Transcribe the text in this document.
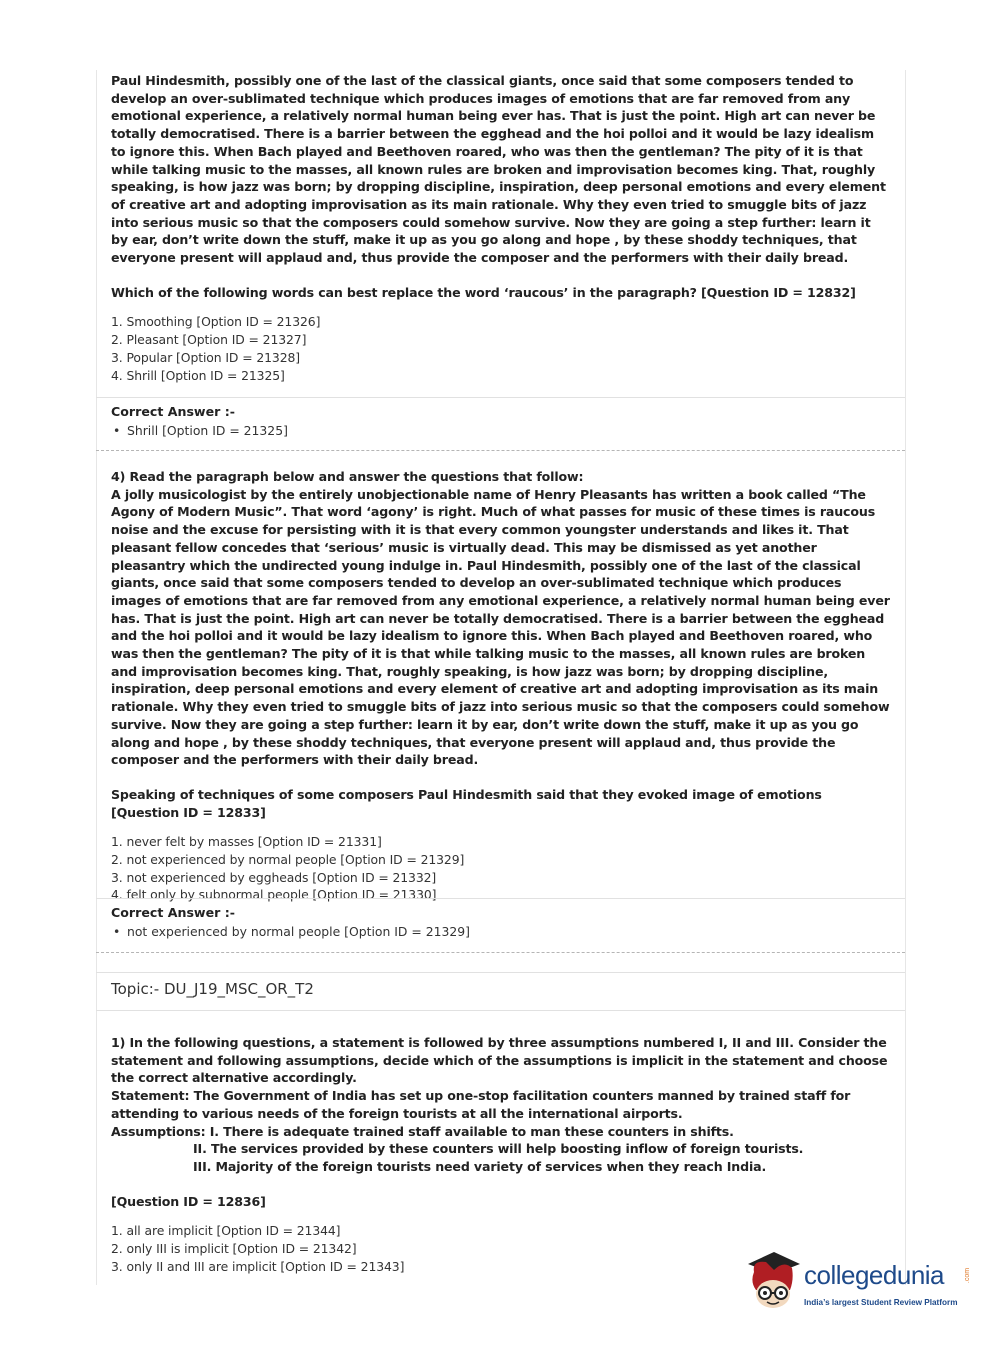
Paul Hindesmith, possibly one of the last of the classical giants, once said that some composers tended to develop an over-sublimated technique which produces images of emotions that are far removed from any emotional experience, a relatively normal human being ever has. That is just the point. High art can never be totally democratised. There is a barrier between the egghead and the hoi polloi and it would be lazy idealism to ignore this. When Bach played and Beethoven roared, who was then the gentleman? The pity of it is that while talking music to the masses, all known rules are broken and improvisation becomes king. That, roughly speaking, is how jazz was born; by dropping discipline, inspiration, deep personal emotions and every element of creative art and adopting improvisation as its main rationale. Why they even tried to smuggle bits of jazz into serious music so that the composers could somehow survive. Now they are going a step further: learn it by ear, don’t write down the stuff, make it up as you go along and hope , by these shoddy techniques, that everyone present will applaud and, thus provide the composer and the performers with their daily bread.

Which of the following words can best replace the word ‘raucous’ in the paragraph? [Question ID = 12832]

1. Smoothing [Option ID = 21326]
2. Pleasant [Option ID = 21327]
3. Popular [Option ID = 21328]
4. Shrill [Option ID = 21325]
Correct Answer :-
• Shrill [Option ID = 21325]

4) Read the paragraph below and answer the questions that follow:

A jolly musicologist by the entirely unobjectionable name of Henry Pleasants has written a book called “The Agony of Modern Music”. That word ‘agony’ is right. Much of what passes for music of these times is raucous noise and the excuse for persisting with it is that every common youngster understands and likes it. That pleasant fellow concedes that ‘serious’ music is virtually dead. This may be dismissed as yet another pleasantry which the undirected young indulge in. Paul Hindesmith, possibly one of the last of the classical giants, once said that some composers tended to develop an over-sublimated technique which produces images of emotions that are far removed from any emotional experience, a relatively normal human being ever has. That is just the point. High art can never be totally democratised. There is a barrier between the egghead and the hoi polloi and it would be lazy idealism to ignore this. When Bach played and Beethoven roared, who was then the gentleman? The pity of it is that while talking music to the masses, all known rules are broken and improvisation becomes king. That, roughly speaking, is how jazz was born; by dropping discipline, inspiration, deep personal emotions and every element of creative art and adopting improvisation as its main rationale. Why they even tried to smuggle bits of jazz into serious music so that the composers could somehow survive. Now they are going a step further: learn it by ear, don’t write down the stuff, make it up as you go along and hope , by these shoddy techniques, that everyone present will applaud and, thus provide the composer and the performers with their daily bread.

Speaking of techniques of some composers Paul Hindesmith said that they evoked image of emotions [Question ID = 12833]

1. never felt by masses [Option ID = 21331]
2. not experienced by normal people [Option ID = 21329]
3. not experienced by eggheads [Option ID = 21332]
4. felt only by subnormal people [Option ID = 21330]
Correct Answer :-
• not experienced by normal people [Option ID = 21329]
Topic:- DU_J19_MSC_OR_T2

1) In the following questions, a statement is followed by three assumptions numbered I, II and III. Consider the statement and following assumptions, decide which of the assumptions is implicit in the statement and choose the correct alternative accordingly.

Statement: The Government of India has set up one-stop facilitation counters manned by trained staff for attending to various needs of the foreign tourists at all the international airports.

Assumptions: I. There is adequate trained staff available to man these counters in shifts.

II. The services provided by these counters will help boosting inflow of foreign tourists.

III. Majority of the foreign tourists need variety of services when they reach India.

[Question ID = 12836]

1. all are implicit [Option ID = 21344]
2. only III is implicit [Option ID = 21342]
3. only II and III are implicit [Option ID = 21343]	collegedunia	.com
India’s largest Student Review Platform
